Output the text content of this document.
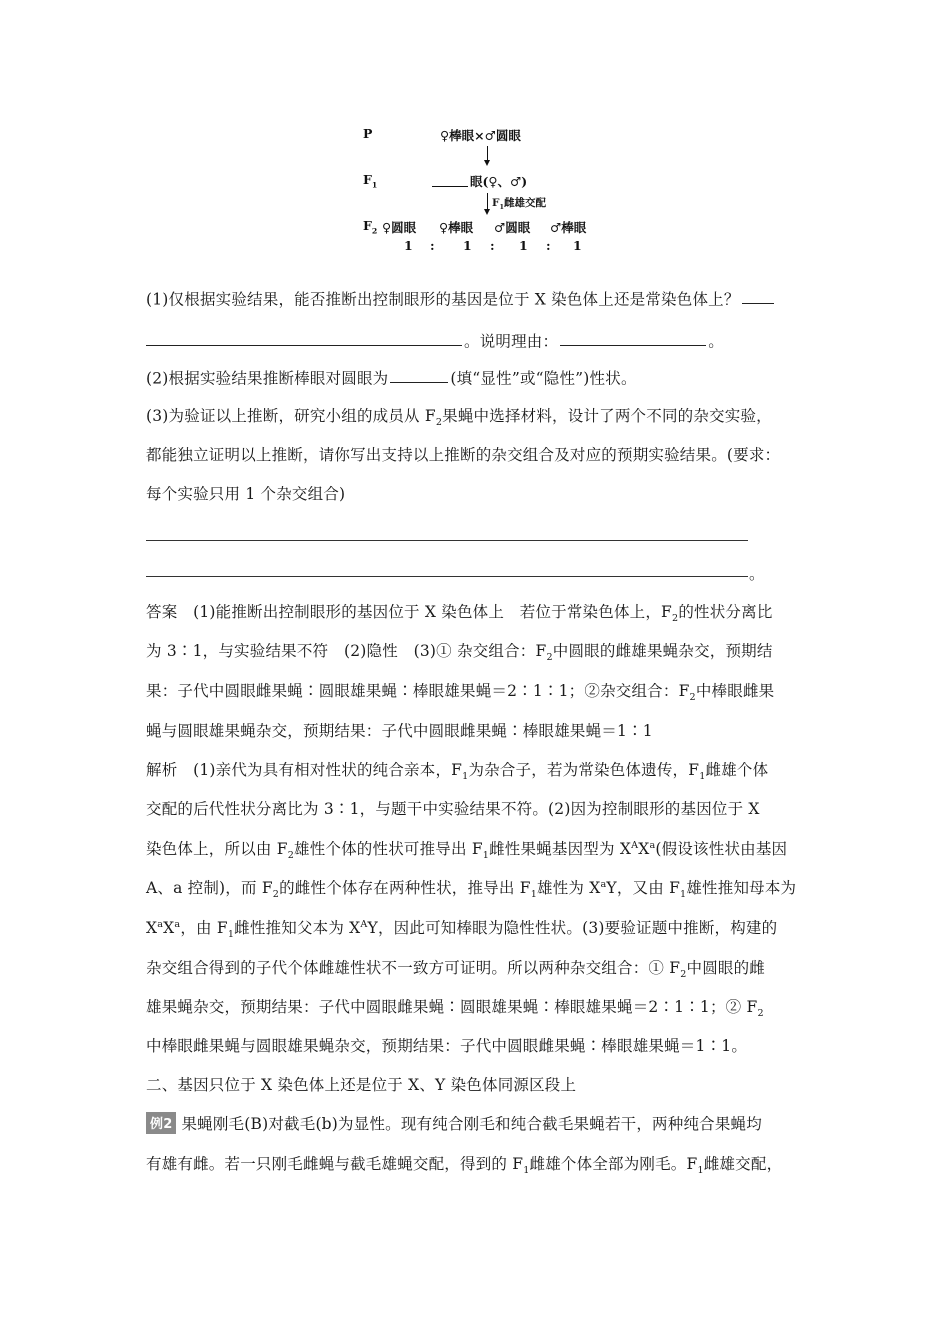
P	♀棒眼×♂圆眼
$F_1$	眼(♀、♂)
$F_1$雌雄交配
$F_2$ ♀圆眼 ♀棒眼 ♂圆眼 ♂棒眼
1 : 1 : 1 : 1
(1)仅根据实验结果，能否推断出控制眼形的基因是位于 X 染色体上还是常染色体上？
。说明理由：	。
(2)根据实验结果推断棒眼对圆眼为	(填“显性”或“隐性”)性状。
(3)为验证以上推断，研究小组的成员从 $F_2$果蝇中选择材料，设计了两个不同的杂交实验，
都能独立证明以上推断，请你写出支持以上推断的杂交组合及对应的预期实验结果。(要求：
每个实验只用 1 个杂交组合)
。
答案　(1)能推断出控制眼形的基因位于 X 染色体上　若位于常染色体上，$F_2$的性状分离比
为 3∶1，与实验结果不符　(2)隐性　(3)① 杂交组合：$F_2$中圆眼的雌雄果蝇杂交，预期结
果：子代中圆眼雌果蝇∶圆眼雄果蝇∶棒眼雄果蝇＝2∶1∶1；②杂交组合：$F_2$中棒眼雌果
蝇与圆眼雄果蝇杂交，预期结果：子代中圆眼雌果蝇∶棒眼雄果蝇＝1∶1
解析　(1)亲代为具有相对性状的纯合亲本，$F_1$为杂合子，若为常染色体遗传，$F_1$雌雄个体
交配的后代性状分离比为 3∶1，与题干中实验结果不符。(2)因为控制眼形的基因位于 X
染色体上，所以由 $F_2$雄性个体的性状可推导出 $F_1$雌性果蝇基因型为 $X^AX^a$(假设该性状由基因
A、a 控制)，而 $F_2$的雌性个体存在两种性状，推导出 $F_1$雄性为 $X^aY$，又由 $F_1$雄性推知母本为
$X^aX^a$，由 $F_1$雌性推知父本为 $X^AY$，因此可知棒眼为隐性性状。(3)要验证题中推断，构建的
杂交组合得到的子代个体雌雄性状不一致方可证明。所以两种杂交组合：① $F_2$中圆眼的雌
雄果蝇杂交，预期结果：子代中圆眼雌果蝇∶圆眼雄果蝇∶棒眼雄果蝇＝2∶1∶1；② $F_2$
中棒眼雌果蝇与圆眼雄果蝇杂交，预期结果：子代中圆眼雌果蝇∶棒眼雄果蝇＝1∶1。
二、基因只位于 X 染色体上还是位于 X、Y 染色体同源区段上
例2 果蝇刚毛(B)对截毛(b)为显性。现有纯合刚毛和纯合截毛果蝇若干，两种纯合果蝇均
有雄有雌。若一只刚毛雌蝇与截毛雄蝇交配，得到的 $F_1$雌雄个体全部为刚毛。$F_1$雌雄交配，
